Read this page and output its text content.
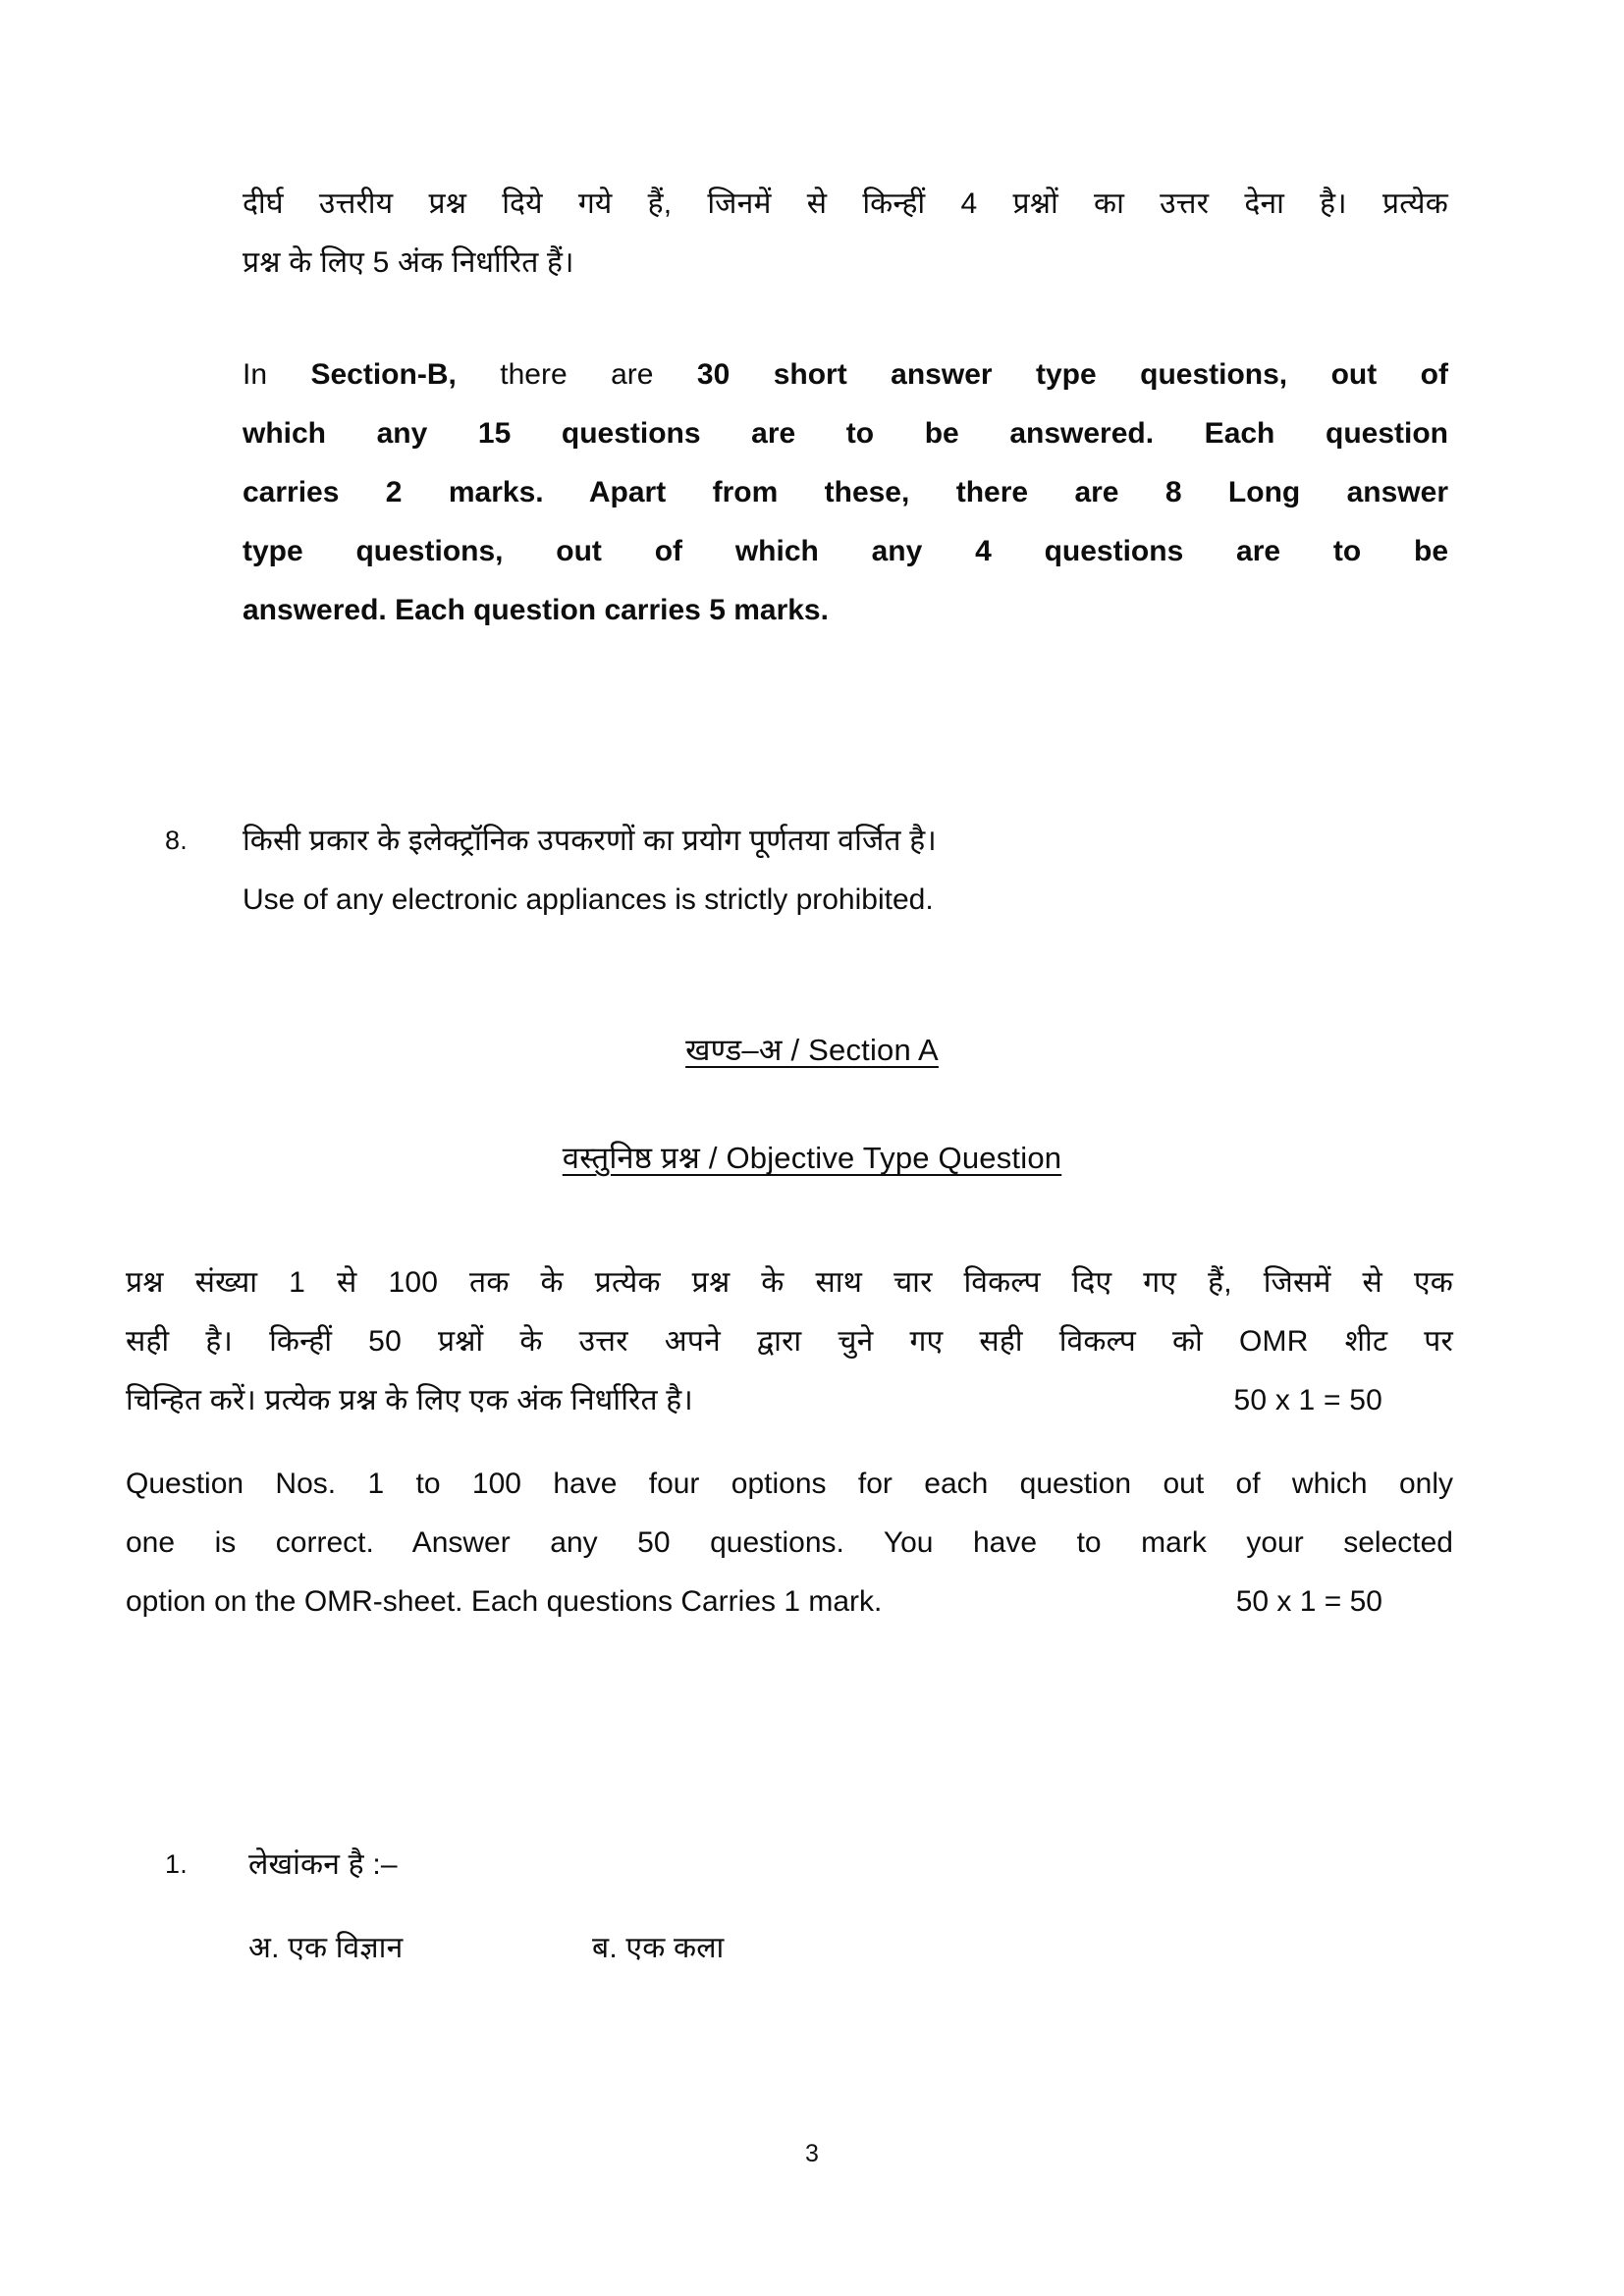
दीर्घ उत्तरीय प्रश्न दिये गये हैं, जिनमें से किन्हीं 4 प्रश्नों का उत्तर देना है। प्रत्येक
प्रश्न के लिए 5 अंक निर्धारित हैं।
In Section-B, there are 30 short answer type questions, out of
which any 15 questions are to be answered. Each question
carries 2 marks. Apart from these, there are 8 Long answer
type questions, out of which any 4 questions are to be
answered. Each question carries 5 marks.
8.	किसी प्रकार के इलेक्ट्रॉनिक उपकरणों का प्रयोग पूर्णतया वर्जित है।
Use of any electronic appliances is strictly prohibited.
खण्ड–अ / Section A
वस्तुनिष्ठ प्रश्न / Objective Type Question
प्रश्न संख्या 1 से 100 तक के प्रत्येक प्रश्न के साथ चार विकल्प दिए गए हैं, जिसमें से एक
सही है। किन्हीं 50 प्रश्नों के उत्तर अपने द्वारा चुने गए सही विकल्प को OMR शीट पर
चिन्हित करें। प्रत्येक प्रश्न के लिए एक अंक निर्धारित है।	50 x 1 = 50
Question Nos. 1 to 100 have four options for each question out of which only
one is correct. Answer any 50 questions. You have to mark your selected
option on the OMR-sheet. Each questions Carries 1 mark.	50 x 1 = 50
1.	लेखांकन है :–
अ. एक विज्ञान	ब. एक कला
3
